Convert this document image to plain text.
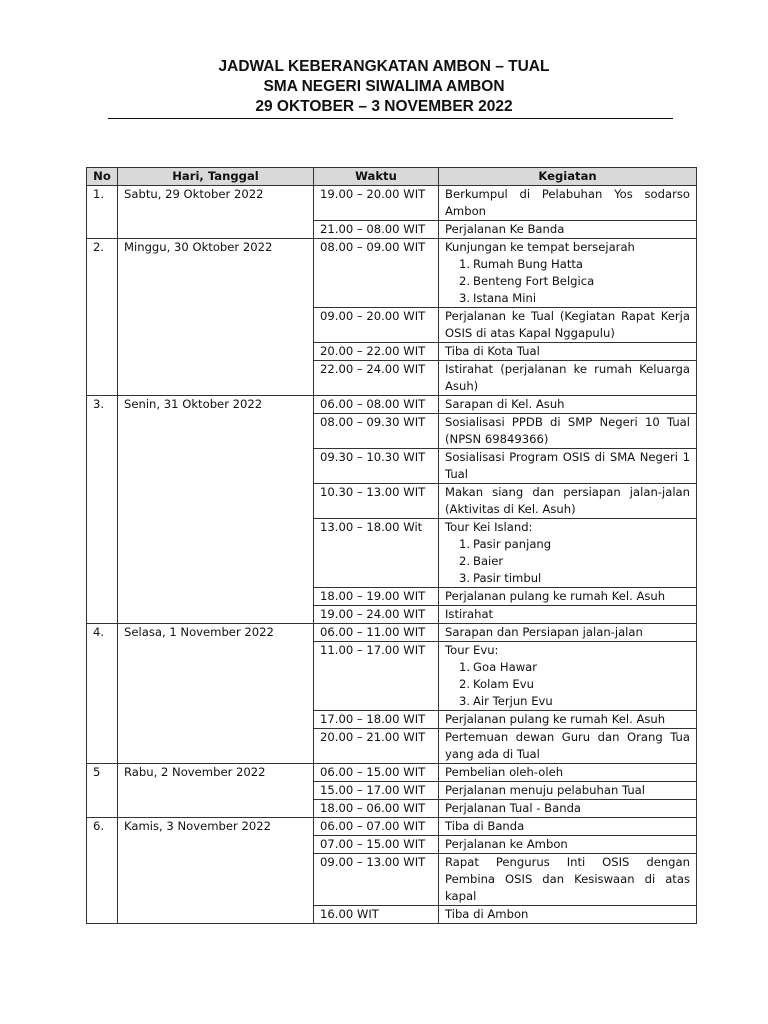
JADWAL KEBERANGKATAN AMBON – TUAL
SMA NEGERI SIWALIMA AMBON
29 OKTOBER – 3 NOVEMBER 2022
No	Hari, Tanggal	Waktu	Kegiatan
1.	Sabtu, 29 Oktober 2022	19.00 – 20.00 WIT	Berkumpul di Pelabuhan Yos sodarso Ambon

		21.00 – 08.00 WIT	Perjalanan Ke Banda

2.	Minggu, 30 Oktober 2022	08.00 – 09.00 WIT	Kunjungan ke tempat bersejarah
1. Rumah Bung Hatta
2. Benteng Fort Belgica
3. Istana Mini

		09.00 – 20.00 WIT	Perjalanan ke Tual (Kegiatan Rapat Kerja OSIS di atas Kapal Nggapulu)

		20.00 – 22.00 WIT	Tiba di Kota Tual

		22.00 – 24.00 WIT	Istirahat (perjalanan ke rumah Keluarga Asuh)

3.	Senin, 31 Oktober 2022	06.00 – 08.00 WIT	Sarapan di Kel. Asuh

		08.00 – 09.30 WIT	Sosialisasi PPDB di SMP Negeri 10 Tual (NPSN 69849366)

		09.30 – 10.30 WIT	Sosialisasi Program OSIS di SMA Negeri 1 Tual

		10.30 – 13.00 WIT	Makan siang dan persiapan jalan-jalan (Aktivitas di Kel. Asuh)

		13.00 – 18.00 Wit	Tour Kei Island:
1. Pasir panjang
2. Baier
3. Pasir timbul

		18.00 – 19.00 WIT	Perjalanan pulang ke rumah Kel. Asuh

		19.00 – 24.00 WIT	Istirahat

4.	Selasa, 1 November 2022	06.00 – 11.00 WIT	Sarapan dan Persiapan jalan-jalan

		11.00 – 17.00 WIT	Tour Evu:
1. Goa Hawar
2. Kolam Evu
3. Air Terjun Evu

		17.00 – 18.00 WIT	Perjalanan pulang ke rumah Kel. Asuh

		20.00 – 21.00 WIT	Pertemuan dewan Guru dan Orang Tua yang ada di Tual

5	Rabu, 2 November 2022	06.00 – 15.00 WIT	Pembelian oleh-oleh

		15.00 – 17.00 WIT	Perjalanan menuju pelabuhan Tual

		18.00 – 06.00 WIT	Perjalanan Tual - Banda

6.	Kamis, 3 November 2022	06.00 – 07.00 WIT	Tiba di Banda

		07.00 – 15.00 WIT	Perjalanan ke Ambon

		09.00 – 13.00 WIT	Rapat Pengurus Inti OSIS dengan Pembina OSIS dan Kesiswaan di atas kapal

		16.00 WIT	Tiba di Ambon
